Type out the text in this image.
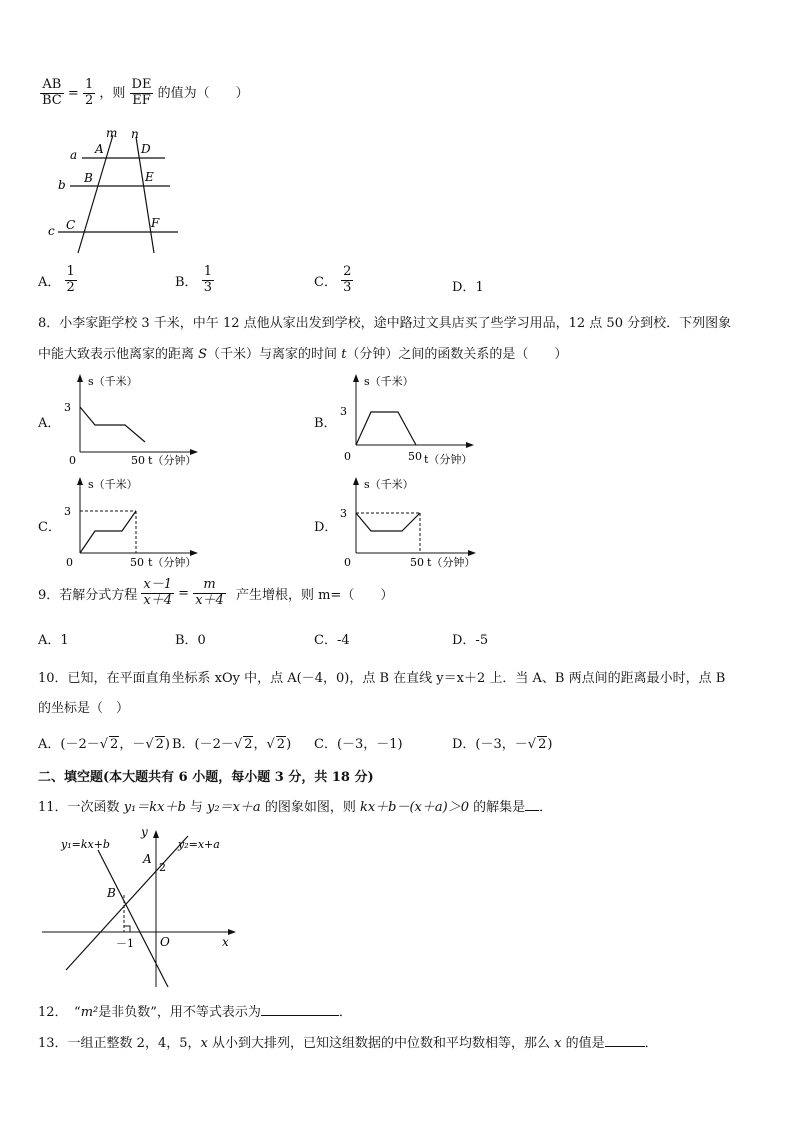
$\frac{AB}{BC} = \frac{1}{2}$ ，则 $\frac{DE}{EF}$ 的值为（　　）
m n
a
b
c
A
B
C
D
E
F
A． $\frac{1}{2}$	B． $\frac{1}{3}$	C． $\frac{2}{3}$	D．1
8．小李家距学校 3 千米，中午 12 点他从家出发到学校，途中路过文具店买了些学习用品，12 点 50 分到校．下列图象
中能大致表示他离家的距离 S（千米）与离家的时间 t（分钟）之间的函数关系的是（　　）
A．
s（千米）
3
0	50 t（分钟）
B．
s（千米）
3
0	50 t（分钟）
C．
s（千米）
3
0	50 t（分钟）
D．
s（千米）
3
0	50 t（分钟）
9．若解分式方程 $\frac{x-1}{x+4} = \frac{m}{x+4}$ 产生增根，则 m=（　　）
A．1	B．0	C．-4	D．-5
10．已知，在平面直角坐标系 xOy 中，点 A(－4，0)，点 B 在直线 y＝x＋2 上．当 A、B 两点间的距离最小时，点 B
的坐标是（　）
A．(－2－√ 2，－√ 2) B．(－2－√ 2，√ 2) C．(－3，－1)	D．(－3，－√ 2)
二、填空题(本大题共有 6 小题，每小题 3 分，共 18 分)
11．一次函数 y₁＝kx＋b 与 y₂＝x＋a 的图象如图，则 kx＋b－(x＋a)＞0 的解集是 ．
y₁=kx+b	y₂=x+a
y
x
A
B
O
2
－1
12．　“m²是非负数”，用不等式表示为	．
13．一组正整数 2，4，5，x 从小到大排列，已知这组数据的中位数和平均数相等，那么 x 的值是	．
